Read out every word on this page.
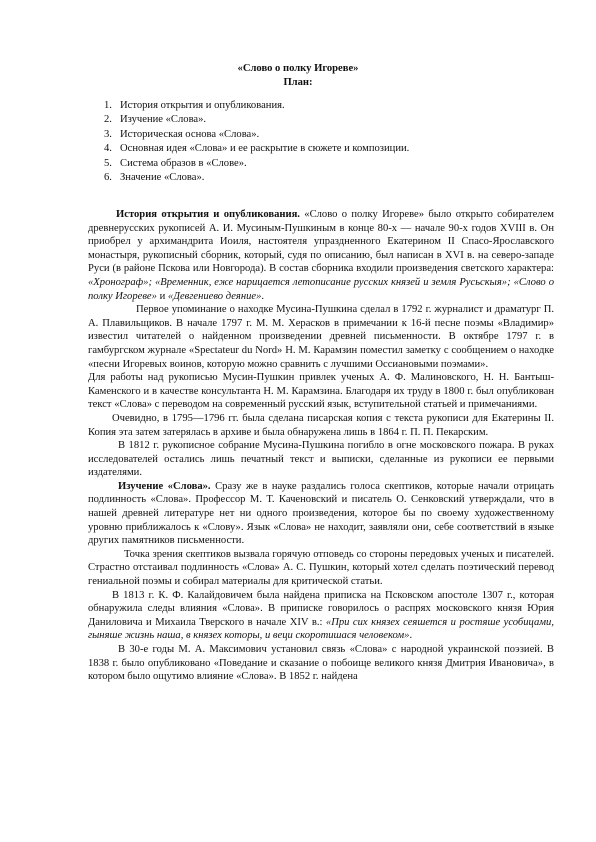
«Слово о полку Игореве»
План:
1. История открытия и опубликования.
2. Изучение «Слова».
3. Историческая основа «Слова».
4. Основная идея «Слова» и ее раскрытие в сюжете и композиции.
5. Система образов в «Слове».
6. Значение «Слова».

История открытия и опубликования. «Слово о полку Игореве» было открыто собирателем древнерусских рукописей А. И. Мусиным-Пушкиным в конце 80-х — начале 90-х годов XVIII в. Он приобрел у архимандрита Иоиля, настоятеля упраздненного Екатерином II Спасо-Ярославского монастыря, рукописный сборник, который, судя по описанию, был написан в XVI в. на северо-западе Руси (в районе Пскова или Новгорода). В состав сборника входили произведения светского характера: «Хронограф»; «Временник, еже нарицается летописание русских князей и земля Русьскыя»; «Слово о полку Игореве» и «Девгениево деяние».

Первое упоминание о находке Мусина-Пушкина сделал в 1792 г. журналист и драматург П. А. Плавильщиков. В начале 1797 г. М. М. Херасков в примечании к 16-й песне поэмы «Владимир» известил читателей о найденном произведении древней письменности. В октябре 1797 г. в гамбургском журнале «Spectateur du Nord» Н. М. Карамзин поместил заметку с сообщением о находке «песни Игоревых воинов, которую можно сравнить с лучшими Оссиановыми поэмами».

Для работы над рукописью Мусин-Пушкин привлек ученых А. Ф. Малиновского, Н. Н. Бантыш-Каменского и в качестве консультанта Н. М. Карамзина. Благодаря их труду в 1800 г. был опубликован текст «Слова» с переводом на современный русский язык, вступительной статьей и примечаниями.

Очевидно, в 1795—1796 гг. была сделана писарская копия с текста рукописи для Екатерины II. Копия эта затем затерялась в архиве и была обнаружена лишь в 1864 г. П. П. Пекарским.

В 1812 г. рукописное собрание Мусина-Пушкина погибло в огне московского пожара. В руках исследователей остались лишь печатный текст и выписки, сделанные из рукописи ее первыми издателями.

Изучение «Слова». Сразу же в науке раздались голоса скептиков, которые начали отрицать подлинность «Слова». Профессор М. Т. Каченовский и писатель О. Сенковский утверждали, что в нашей древней литературе нет ни одного произведения, которое бы по своему художественному уровню приближалось к «Слову». Язык «Слова» не находит, заявляли они, себе соответствий в языке других памятников письменности.

Точка зрения скептиков вызвала горячую отповедь со стороны передовых ученых и писателей. Страстно отстаивал подлинность «Слова» А. С. Пушкин, который хотел сделать поэтический перевод гениальной поэмы и собирал материалы для критической статьи.

В 1813 г. К. Ф. Калайдовичем была найдена приписка на Псковском апостоле 1307 г., которая обнаружила следы влияния «Слова». В приписке говорилось о распрях московского князя Юрия Даниловича и Михаила Тверского в начале XIV в.: «При сих князех сеяшется и ростяше усобицами, гыняше жизнь наша, в князех которы, и веци скоротишася человеком».

В 30-е годы М. А. Максимович установил связь «Слова» с народной украинской поэзией. В 1838 г. было опубликовано «Поведание и сказание о побоище великого князя Дмитрия Ивановича», в котором было ощутимо влияние «Слова». В 1852 г. найдена
